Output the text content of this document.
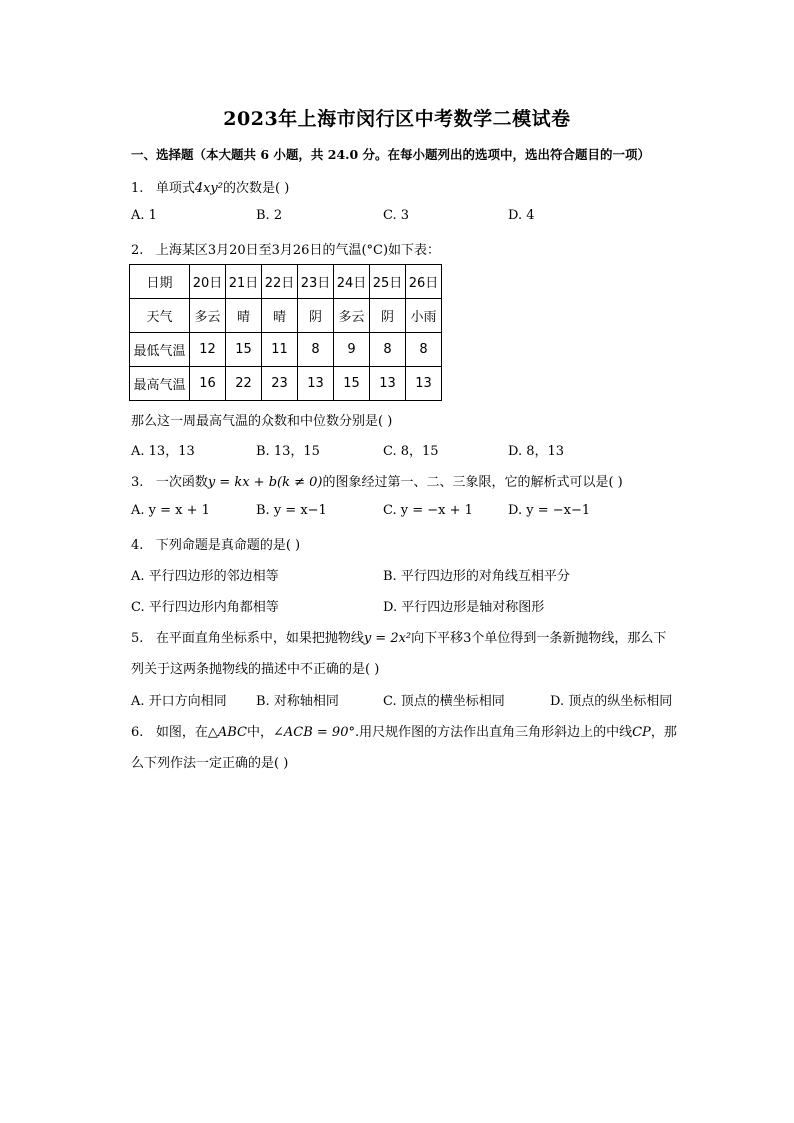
2023年上海市闵行区中考数学二模试卷
一、选择题（本大题共 6 小题，共 24.0 分。在每小题列出的选项中，选出符合题目的一项）
1. 单项式4xy²的次数是( )
A. 1	B. 2	C. 3	D. 4
2. 上海某区3月20日至3月26日的气温(°C)如下表：
日期	20日	21日	22日	23日	24日	25日	26日
天气	多云	晴	晴	阴	多云	阴	小雨
最低气温	12	15	11	8	9	8	8
最高气温	16	22	23	13	15	13	13
那么这一周最高气温的众数和中位数分别是( )
A. 13，13	B. 13，15	C. 8，15	D. 8，13
3. 一次函数y = kx + b(k ≠ 0)的图象经过第一、二、三象限，它的解析式可以是( )
A. y = x + 1	B. y = x−1	C. y = −x + 1	D. y = −x−1
4. 下列命题是真命题的是( )
A. 平行四边形的邻边相等	B. 平行四边形的对角线互相平分
C. 平行四边形内角都相等	D. 平行四边形是轴对称图形
5. 在平面直角坐标系中，如果把抛物线y = 2x²向下平移3个单位得到一条新抛物线，那么下
列关于这两条抛物线的描述中不正确的是( )
A. 开口方向相同 B. 对称轴相同	C. 顶点的横坐标相同	D. 顶点的纵坐标相同
6. 如图，在△ABC中，∠ACB = 90°.用尺规作图的方法作出直角三角形斜边上的中线CP，那
么下列作法一定正确的是( )
